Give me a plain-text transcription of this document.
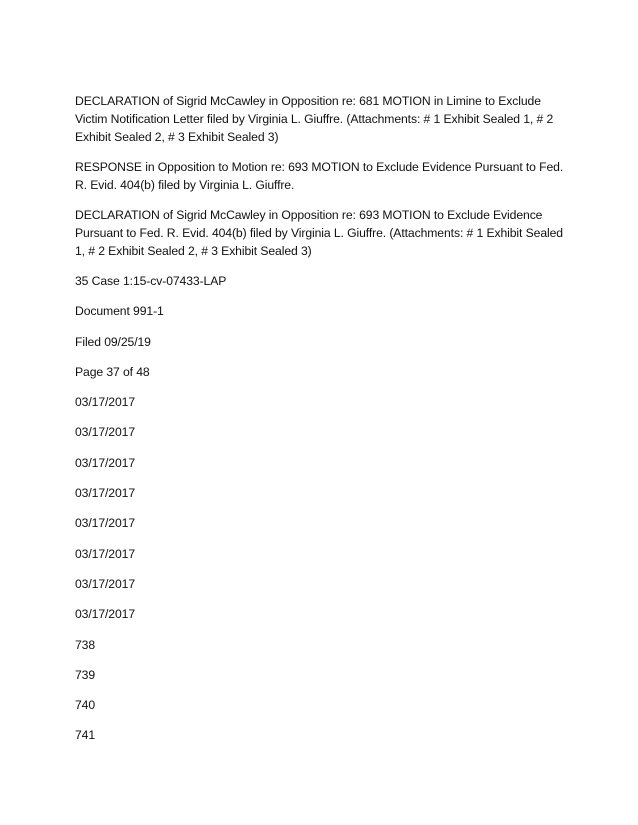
DECLARATION of Sigrid McCawley in Opposition re: 681 MOTION in Limine to Exclude Victim Notification Letter filed by Virginia L. Giuffre. (Attachments: # 1 Exhibit Sealed 1, # 2 Exhibit Sealed 2, # 3 Exhibit Sealed 3)

RESPONSE in Opposition to Motion re: 693 MOTION to Exclude Evidence Pursuant to Fed. R. Evid. 404(b) filed by Virginia L. Giuffre.

DECLARATION of Sigrid McCawley in Opposition re: 693 MOTION to Exclude Evidence Pursuant to Fed. R. Evid. 404(b) filed by Virginia L. Giuffre. (Attachments: # 1 Exhibit Sealed 1, # 2 Exhibit Sealed 2, # 3 Exhibit Sealed 3)

35 Case 1:15-cv-07433-LAP

Document 991-1

Filed 09/25/19

Page 37 of 48

03/17/2017

03/17/2017

03/17/2017

03/17/2017

03/17/2017

03/17/2017

03/17/2017

03/17/2017

738

739

740

741
